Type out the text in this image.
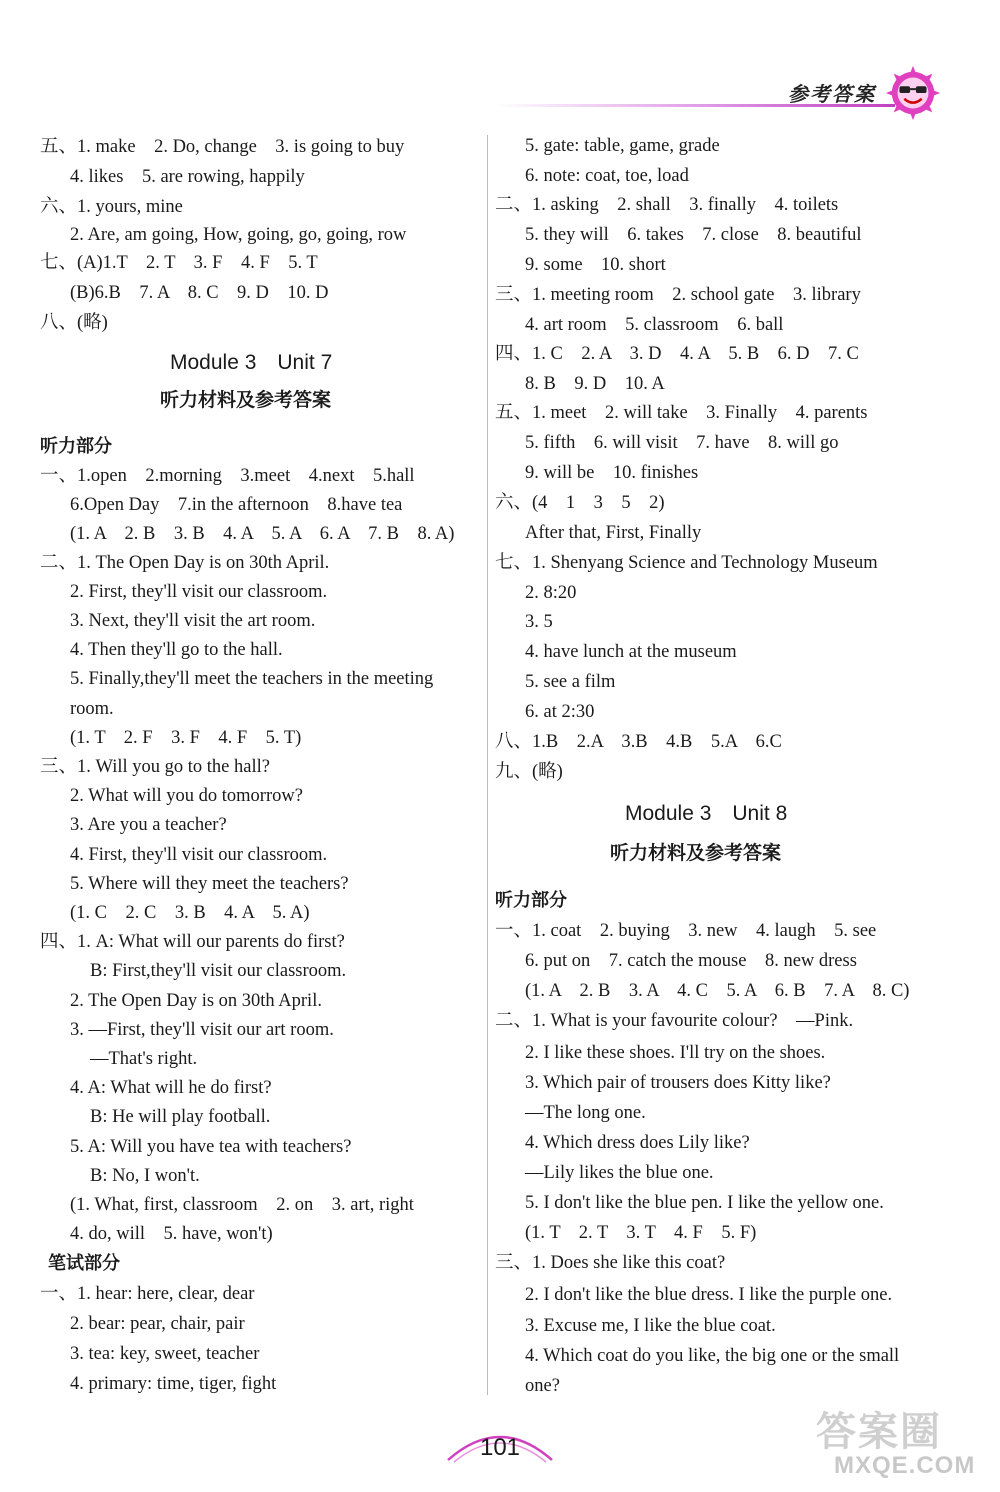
参考答案
五、1. make　2. Do, change　3. is going to buy
4. likes　5. are rowing, happily
六、1. yours, mine
2. Are, am going, How, going, go, going, row
七、(A)1.T　2. T　3. F　4. F　5. T
(B)6.B　7. A　8. C　9. D　10. D
八、(略)
Module 3　Unit 7
听力材料及参考答案
听力部分
一、1.open　2.morning　3.meet　4.next　5.hall
6.Open Day　7.in the afternoon　8.have tea
(1. A　2. B　3. B　4. A　5. A　6. A　7. B　8. A)
二、1. The Open Day is on 30th April.
2. First, they'll visit our classroom.
3. Next, they'll visit the art room.
4. Then they'll go to the hall.
5. Finally,they'll meet the teachers in the meeting
room.
(1. T　2. F　3. F　4. F　5. T)
三、1. Will you go to the hall?
2. What will you do tomorrow?
3. Are you a teacher?
4. First, they'll visit our classroom.
5. Where will they meet the teachers?
(1. C　2. C　3. B　4. A　5. A)
四、1. A: What will our parents do first?
B: First,they'll visit our classroom.
2. The Open Day is on 30th April.
3. —First, they'll visit our art room.
—That's right.
4. A: What will he do first?
B: He will play football.
5. A: Will you have tea with teachers?
B: No, I won't.
(1. What, first, classroom　2. on　3. art, right
4. do, will　5. have, won't)
笔试部分
一、1. hear: here, clear, dear
2. bear: pear, chair, pair
3. tea: key, sweet, teacher
4. primary: time, tiger, fight
5. gate: table, game, grade
6. note: coat, toe, load
二、1. asking　2. shall　3. finally　4. toilets
5. they will　6. takes　7. close　8. beautiful
9. some　10. short
三、1. meeting room　2. school gate　3. library
4. art room　5. classroom　6. ball
四、1. C　2. A　3. D　4. A　5. B　6. D　7. C
8. B　9. D　10. A
五、1. meet　2. will take　3. Finally　4. parents
5. fifth　6. will visit　7. have　8. will go
9. will be　10. finishes
六、(4　1　3　5　2)
After that, First, Finally
七、1. Shenyang Science and Technology Museum
2. 8:20
3. 5
4. have lunch at the museum
5. see a film
6. at 2:30
八、1.B　2.A　3.B　4.B　5.A　6.C
九、(略)
Module 3　Unit 8
听力材料及参考答案
听力部分
一、1. coat　2. buying　3. new　4. laugh　5. see
6. put on　7. catch the mouse　8. new dress
(1. A　2. B　3. A　4. C　5. A　6. B　7. A　8. C)
二、1. What is your favourite colour?　—Pink.
2. I like these shoes. I'll try on the shoes.
3. Which pair of trousers does Kitty like?
—The long one.
4. Which dress does Lily like?
—Lily likes the blue one.
5. I don't like the blue pen. I like the yellow one.
(1. T　2. T　3. T　4. F　5. F)
三、1. Does she like this coat?
2. I don't like the blue dress. I like the purple one.
3. Excuse me, I like the blue coat.
4. Which coat do you like, the big one or the small
one?
101	答案圈
MXQE.COM
